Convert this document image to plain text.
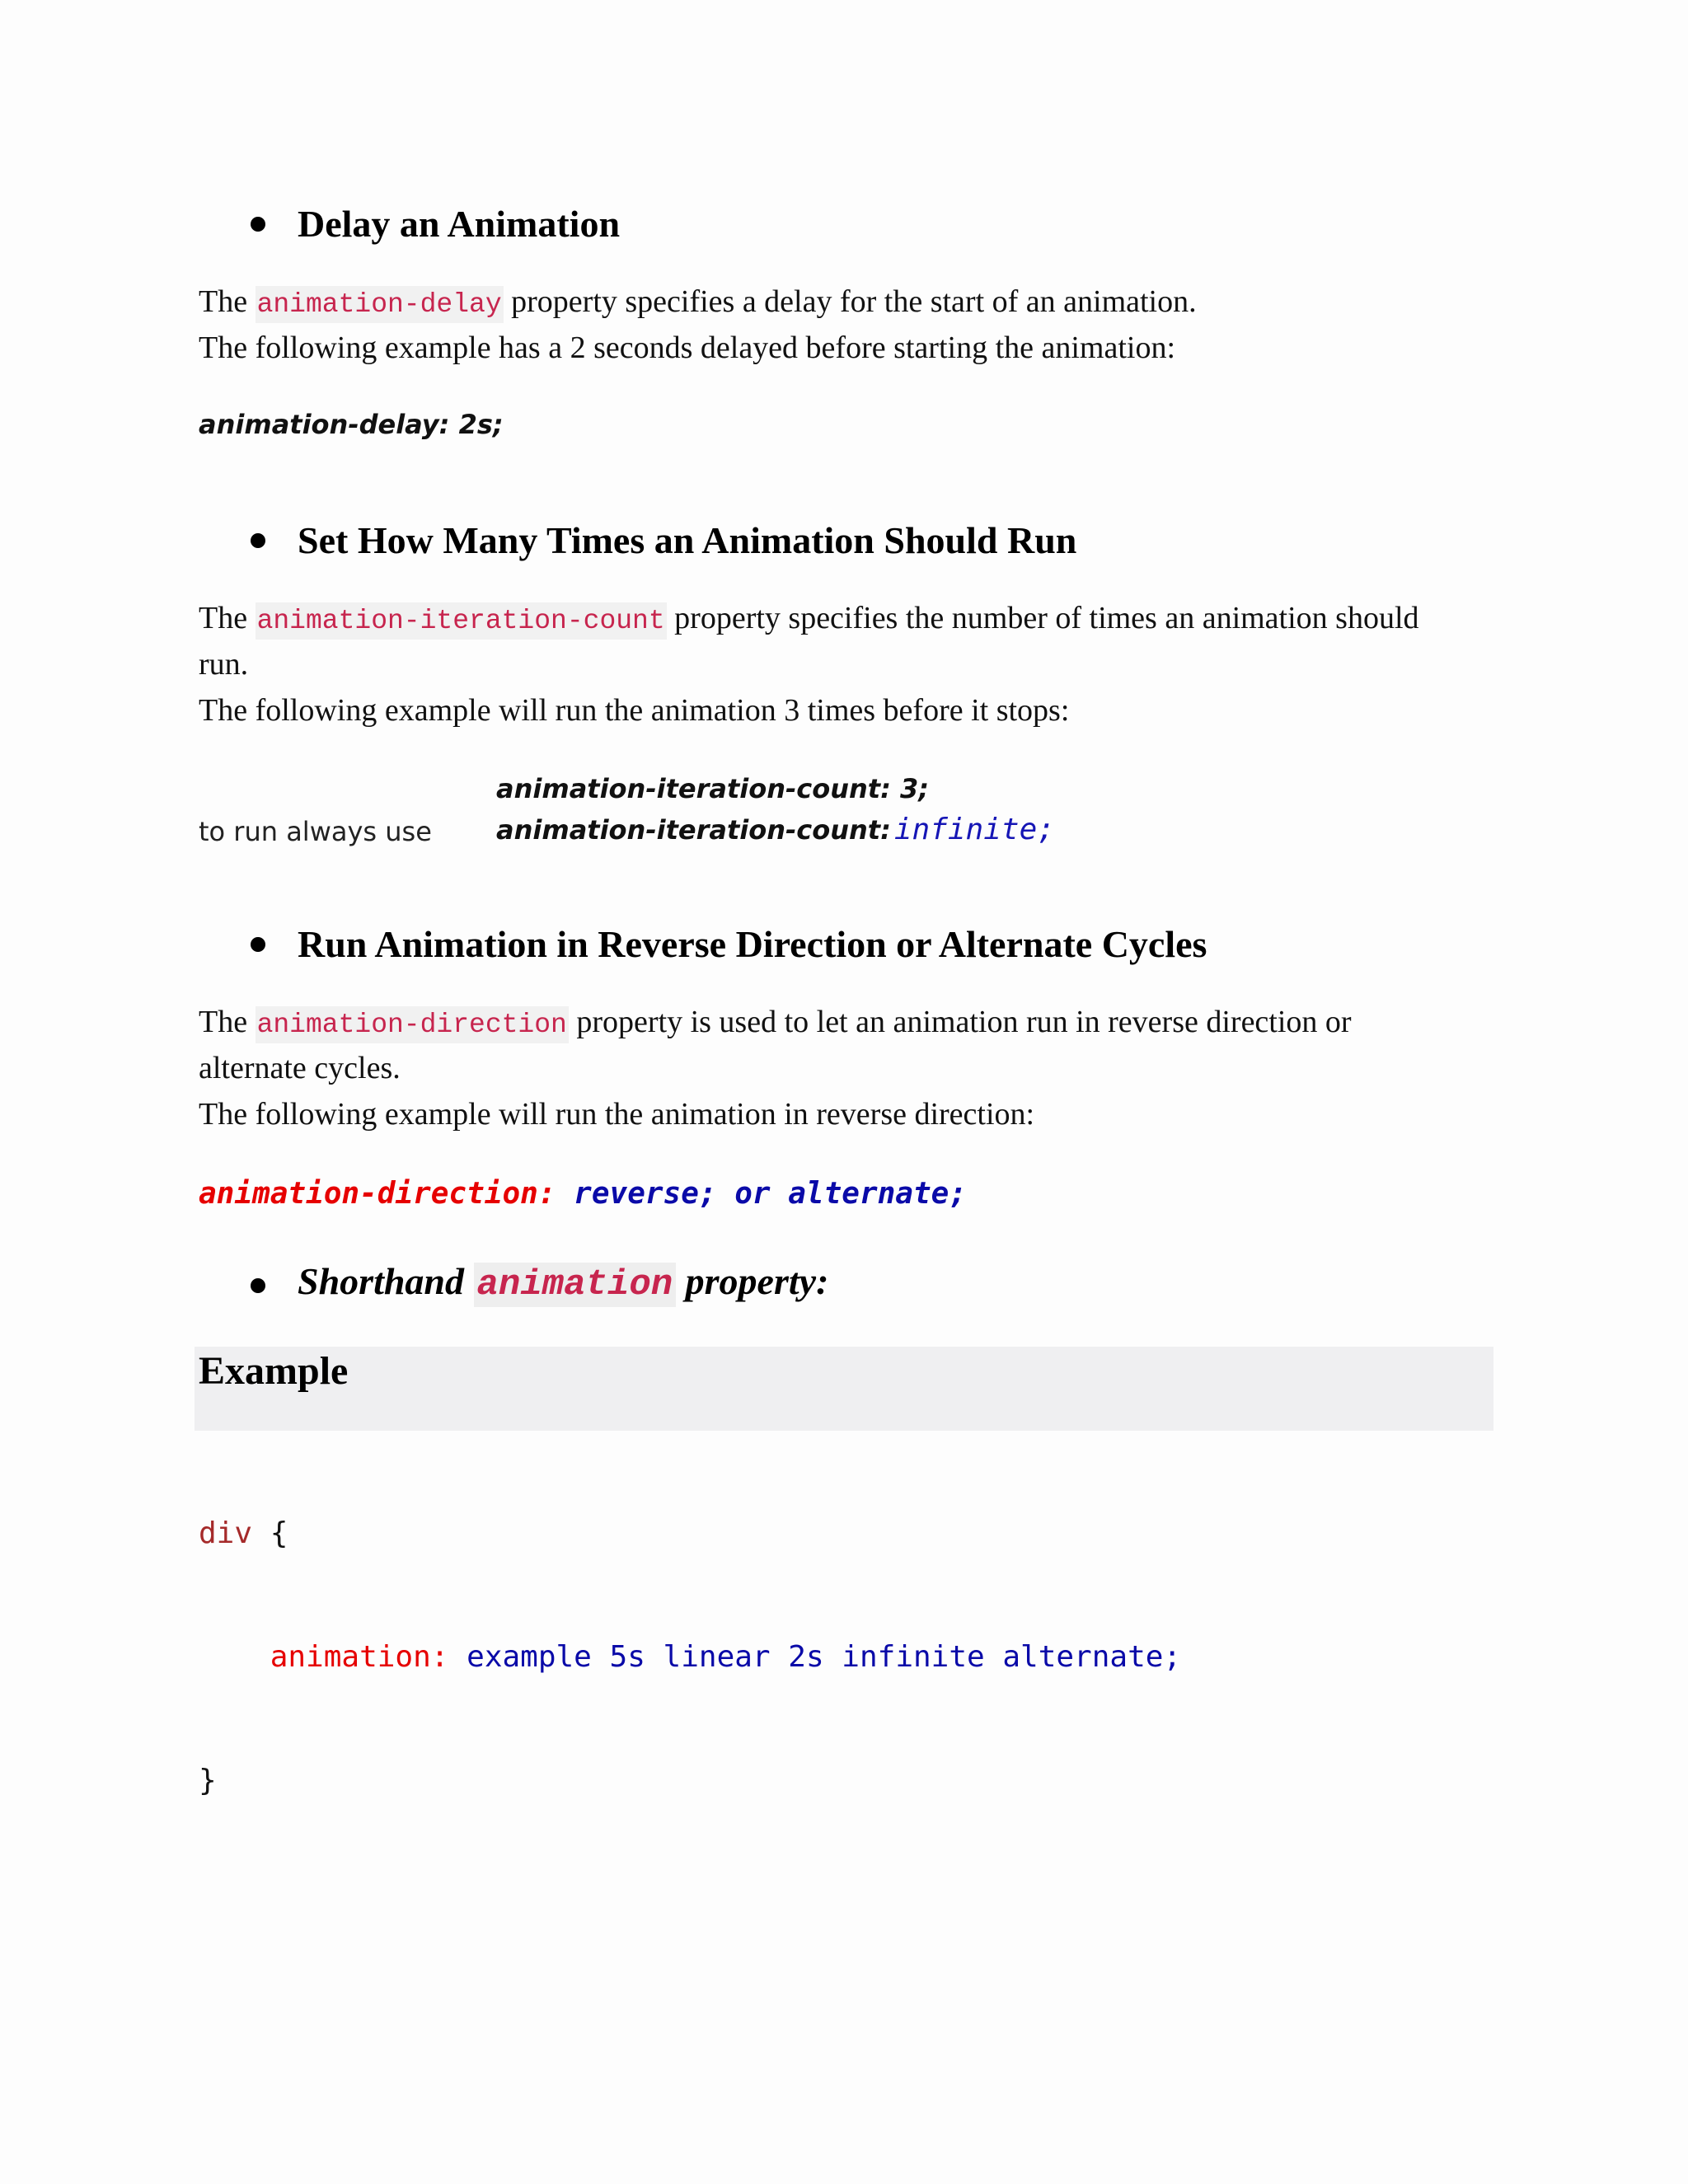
Delay an Animation
The animation-delay property specifies a delay for the start of an animation.
The following example has a 2 seconds delayed before starting the animation:
animation-delay: 2s;
Set How Many Times an Animation Should Run
The animation-iteration-count property specifies the number of times an animation should
run.
The following example will run the animation 3 times before it stops:
animation-iteration-count: 3;
to run always use animation-iteration-count: infinite;
Run Animation in Reverse Direction or Alternate Cycles
The animation-direction property is used to let an animation run in reverse direction or
alternate cycles.
The following example will run the animation in reverse direction:
animation-direction: reverse; or alternate;
Shorthand animation property:
Example

div {

animation: example 5s linear 2s infinite alternate;

}
